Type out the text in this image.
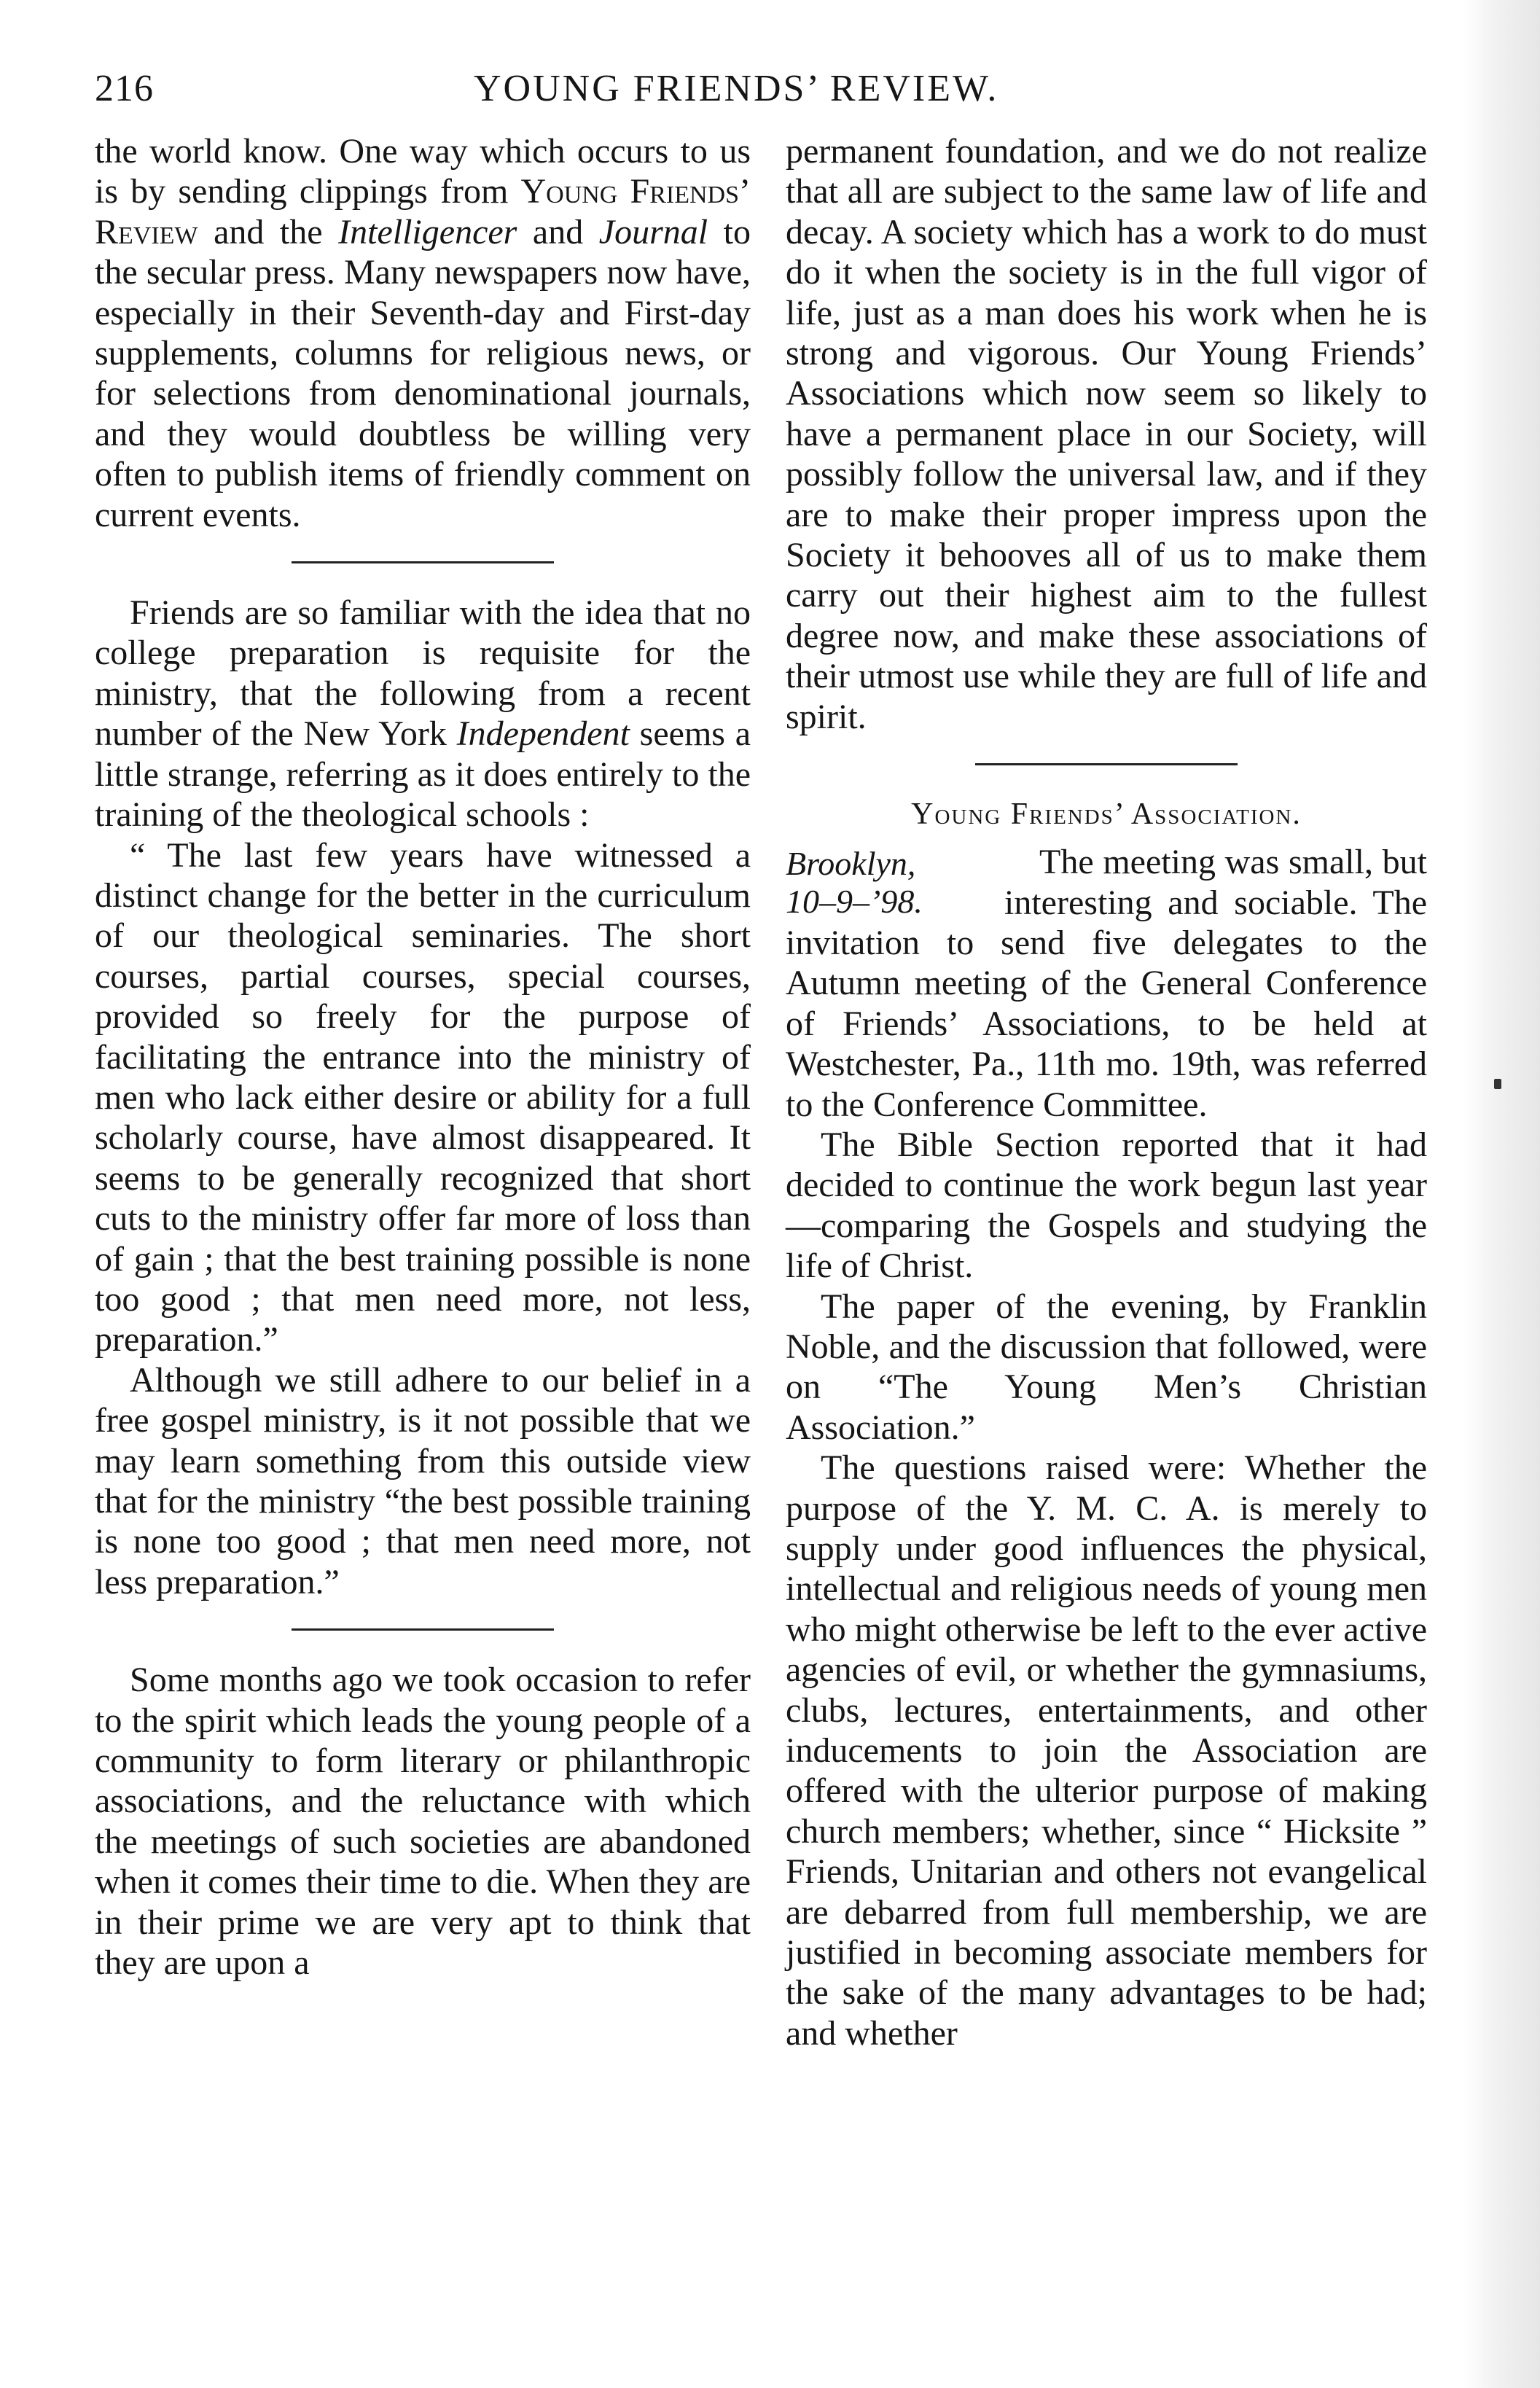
216	YOUNG FRIENDS’ REVIEW.

the world know. One way which occurs to us is by sending clippings from Young Friends’ Review and the Intelligencer and Journal to the secular press. Many newspapers now have, especially in their Seventh-day and First-day supplements, columns for religious news, or for selections from denominational journals, and they would doubtless be willing very often to publish items of friendly comment on current events.

Friends are so familiar with the idea that no college preparation is requisite for the ministry, that the following from a recent number of the New York Independent seems a little strange, referring as it does entirely to the training of the theological schools :

“ The last few years have witnessed a distinct change for the better in the curriculum of our theological seminaries. The short courses, partial courses, special courses, provided so freely for the purpose of facilitating the entrance into the ministry of men who lack either desire or ability for a full scholarly course, have almost disappeared. It seems to be generally recognized that short cuts to the ministry offer far more of loss than of gain ; that the best training possible is none too good ; that men need more, not less, preparation.”

Although we still adhere to our belief in a free gospel ministry, is it not possible that we may learn something from this outside view that for the ministry “the best possible training is none too good ; that men need more, not less preparation.”

Some months ago we took occasion to refer to the spirit which leads the young people of a community to form literary or philanthropic associations, and the reluctance with which the meetings of such societies are abandoned when it comes their time to die. When they are in their prime we are very apt to think that they are upon a

permanent foundation, and we do not realize that all are subject to the same law of life and decay. A society which has a work to do must do it when the society is in the full vigor of life, just as a man does his work when he is strong and vigorous. Our Young Friends’ Associations which now seem so likely to have a permanent place in our Society, will possibly follow the universal law, and if they are to make their proper impress upon the Society it behooves all of us to make them carry out their highest aim to the fullest degree now, and make these associations of their utmost use while they are full of life and spirit.

Young Friends’ Association.
Brooklyn,
10–9–’98.

The meeting was small, but interesting and sociable. The invitation to send five delegates to the Autumn meeting of the General Conference of Friends’ Associations, to be held at Westchester, Pa., 11th mo. 19th, was referred to the Conference Committee.

The Bible Section reported that it had decided to continue the work begun last year—comparing the Gospels and studying the life of Christ.

The paper of the evening, by Franklin Noble, and the discussion that followed, were on “The Young Men’s Christian Association.”

The questions raised were: Whether the purpose of the Y. M. C. A. is merely to supply under good influences the physical, intellectual and religious needs of young men who might otherwise be left to the ever active agencies of evil, or whether the gymnasiums, clubs, lectures, entertainments, and other inducements to join the Association are offered with the ulterior purpose of making church members; whether, since “ Hicksite ” Friends, Unitarian and others not evangelical are debarred from full membership, we are justified in becoming associate members for the sake of the many advantages to be had; and whether
